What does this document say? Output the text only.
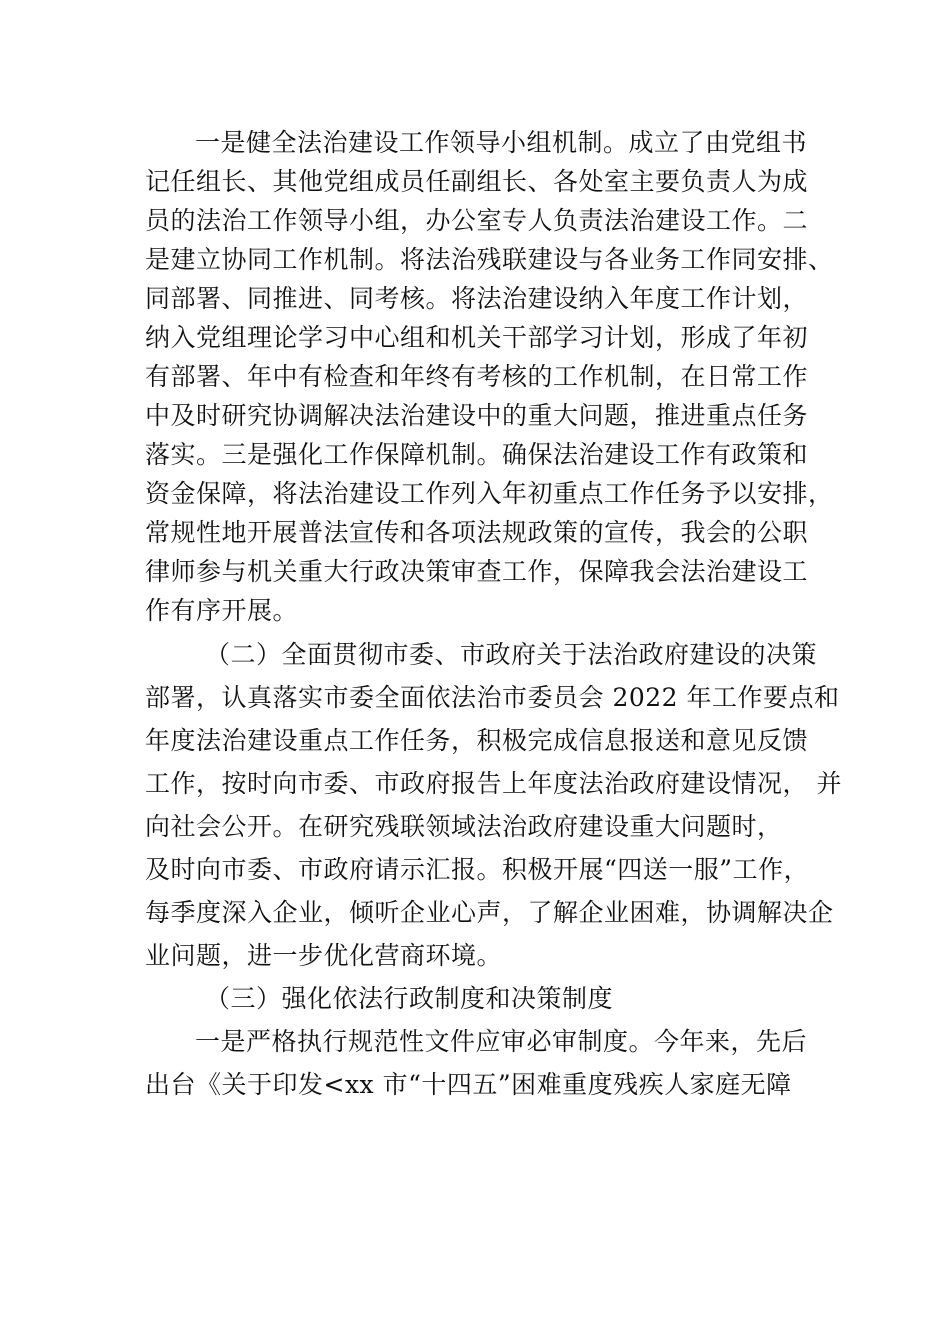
一是健全法治建设工作领导小组机制。成立了由党组书
记任组长、其他党组成员任副组长、各处室主要负责人为成
员的法治工作领导小组，办公室专人负责法治建设工作。二
是建立协同工作机制。将法治残联建设与各业务工作同安排、
同部署、同推进、同考核。将法治建设纳入年度工作计划，
纳入党组理论学习中心组和机关干部学习计划，形成了年初
有部署、年中有检查和年终有考核的工作机制，在日常工作
中及时研究协调解决法治建设中的重大问题，推进重点任务
落实。三是强化工作保障机制。确保法治建设工作有政策和
资金保障，将法治建设工作列入年初重点工作任务予以安排，
常规性地开展普法宣传和各项法规政策的宣传，我会的公职
律师参与机关重大行政决策审查工作，保障我会法治建设工
作有序开展。
（二）全面贯彻市委、市政府关于法治政府建设的决策
部署，认真落实市委全面依法治市委员会 2022 年工作要点和
年度法治建设重点工作任务，积极完成信息报送和意见反馈
工作，按时向市委、市政府报告上年度法治政府建设情况， 并
向社会公开。在研究残联领域法治政府建设重大问题时，
及时向市委、市政府请示汇报。积极开展“四送一服”工作，
每季度深入企业，倾听企业心声，了解企业困难，协调解决企
业问题，进一步优化营商环境。
（三）强化依法行政制度和决策制度
一是严格执行规范性文件应审必审制度。今年来，先后
出台《关于印发<xx 市“十四五”困难重度残疾人家庭无障
